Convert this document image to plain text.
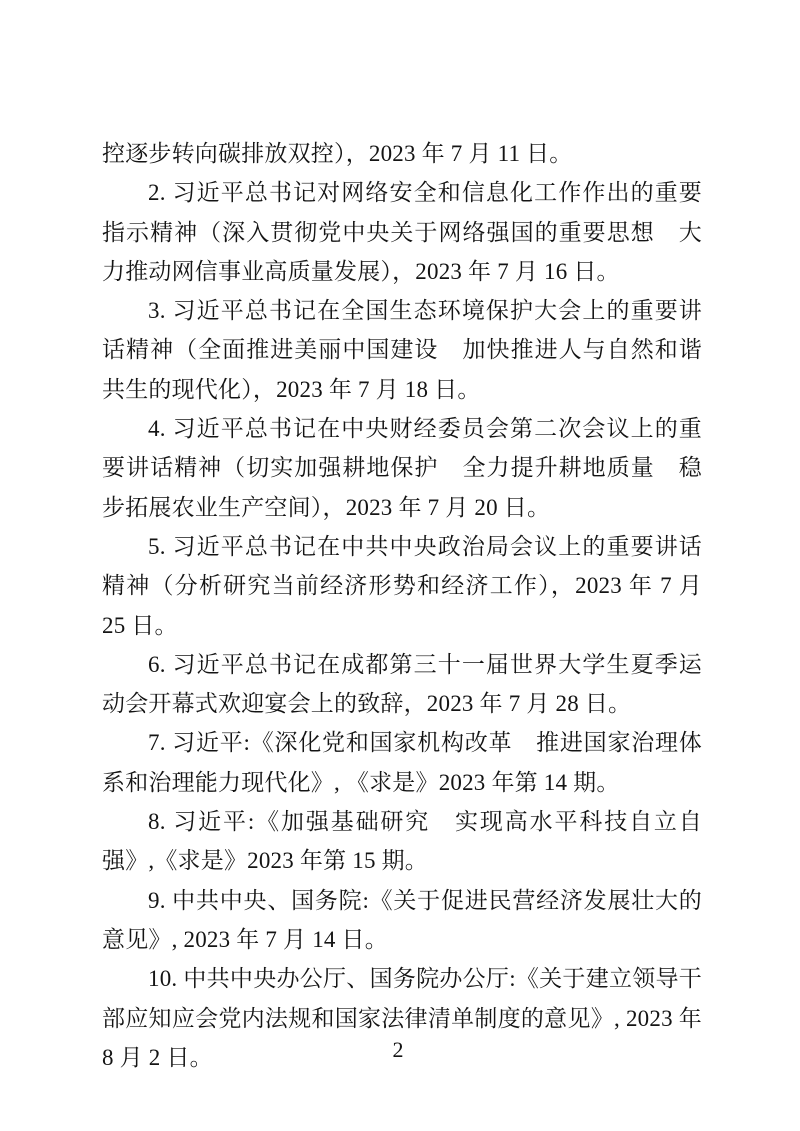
控逐步转向碳排放双控），2023 年 7 月 11 日。

2. 习近平总书记对网络安全和信息化工作作出的重要指示精神（深入贯彻党中央关于网络强国的重要思想　大力推动网信事业高质量发展），2023 年 7 月 16 日。

3. 习近平总书记在全国生态环境保护大会上的重要讲话精神（全面推进美丽中国建设　加快推进人与自然和谐共生的现代化），2023 年 7 月 18 日。

4. 习近平总书记在中央财经委员会第二次会议上的重要讲话精神（切实加强耕地保护　全力提升耕地质量　稳步拓展农业生产空间），2023 年 7 月 20 日。

5. 习近平总书记在中共中央政治局会议上的重要讲话精神（分析研究当前经济形势和经济工作），2023 年 7 月 25 日。

6. 习近平总书记在成都第三十一届世界大学生夏季运动会开幕式欢迎宴会上的致辞，2023 年 7 月 28 日。

7. 习近平:《深化党和国家机构改革　推进国家治理体系和治理能力现代化》, 《求是》2023 年第 14 期。

8. 习近平:《加强基础研究　实现高水平科技自立自强》,《求是》2023 年第 15 期。

9. 中共中央、国务院:《关于促进民营经济发展壮大的意见》, 2023 年 7 月 14 日。

10. 中共中央办公厅、国务院办公厅:《关于建立领导干部应知应会党内法规和国家法律清单制度的意见》, 2023 年 8 月 2 日。	2
